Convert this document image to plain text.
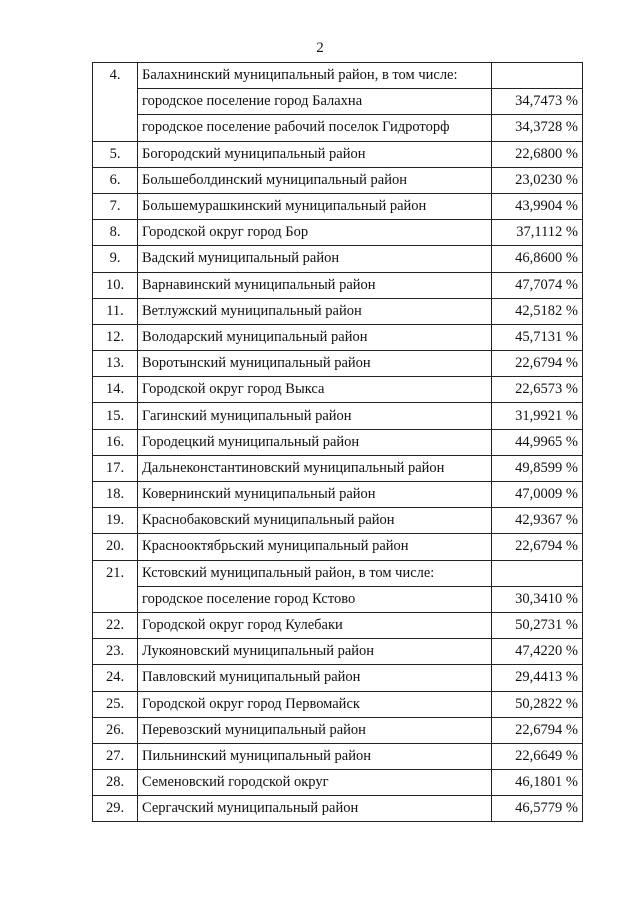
2
4.	Балахнинский муниципальный район, в том числе:	
	городское поселение город Балахна	34,7473 %
	городское поселение рабочий поселок Гидроторф	34,3728 %
5.	Богородский муниципальный район	22,6800 %
6.	Большеболдинский муниципальный район	23,0230 %
7.	Большемурашкинский муниципальный район	43,9904 %
8.	Городской округ город Бор	37,1112 %
9.	Вадский муниципальный район	46,8600 %
10.	Варнавинский муниципальный район	47,7074 %
11.	Ветлужский муниципальный район	42,5182 %
12.	Володарский муниципальный район	45,7131 %
13.	Воротынский муниципальный район	22,6794 %
14.	Городской округ город Выкса	22,6573 %
15.	Гагинский муниципальный район	31,9921 %
16.	Городецкий муниципальный район	44,9965 %
17.	Дальнеконстантиновский муниципальный район	49,8599 %
18.	Ковернинский муниципальный район	47,0009 %
19.	Краснобаковский муниципальный район	42,9367 %
20.	Краснооктябрьский муниципальный район	22,6794 %
21.	Кстовский муниципальный район, в том числе:	
	городское поселение город Кстово	30,3410 %
22.	Городской округ город Кулебаки	50,2731 %
23.	Лукояновский муниципальный район	47,4220 %
24.	Павловский муниципальный район	29,4413 %
25.	Городской округ город Первомайск	50,2822 %
26.	Перевозский муниципальный район	22,6794 %
27.	Пильнинский муниципальный район	22,6649 %
28.	Семеновский городской округ	46,1801 %
29.	Сергачский муниципальный район	46,5779 %
